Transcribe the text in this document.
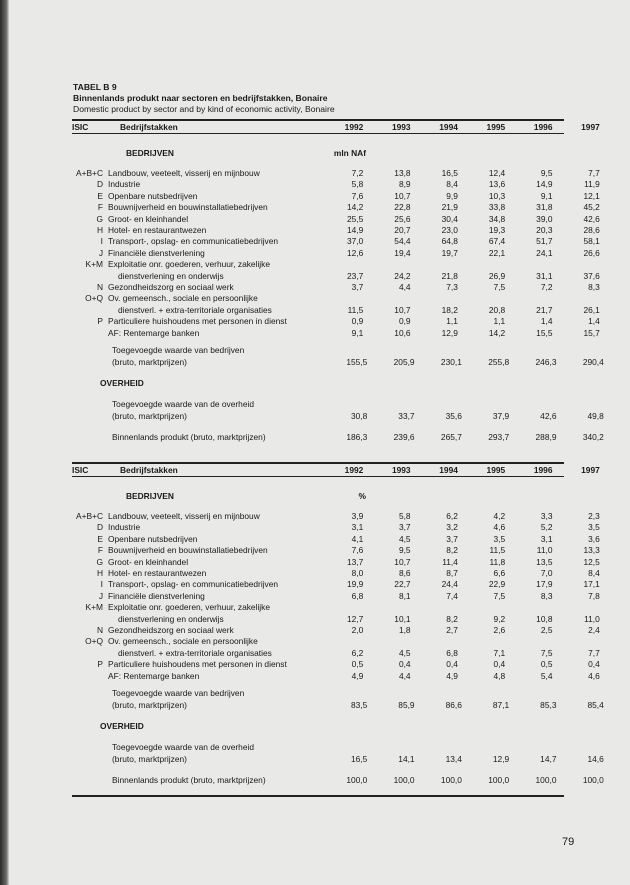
TABEL B 9
Binnenlands produkt naar sectoren en bedrijfstakken, Bonaire
Domestic product by sector and by kind of economic activity, Bonaire
ISIC	Bedrijfstakken	1992	1993	1994	1995	1996	1997
BEDRIJVEN	mln NAf
A+B+C Landbouw, veeteelt, visserij en mijnbouw	7,2	13,8	16,5	12,4	9,5	7,7
D Industrie	5,8	8,9	8,4	13,6	14,9	11,9
E Openbare nutsbedrijven	7,6	10,7	9,9	10,3	9,1	12,1
F Bouwnijverheid en bouwinstallatiebedrijven	14,2	22,8	21,9	33,8	31,8	45,2
G Groot- en kleinhandel	25,5	25,6	30,4	34,8	39,0	42,6
H Hotel- en restaurantwezen	14,9	20,7	23,0	19,3	20,3	28,6
I Transport-, opslag- en communicatiebedrijven	37,0	54,4	64,8	67,4	51,7	58,1
J Financiële dienstverlening	12,6	19,4	19,7	22,1	24,1	26,6
K+M Exploitatie onr. goederen, verhuur, zakelijke
dienstverlening en onderwijs	23,7	24,2	21,8	26,9	31,1	37,6
N Gezondheidszorg en sociaal werk	3,7	4,4	7,3	7,5	7,2	8,3
O+Q Ov. gemeensch., sociale en persoonlijke
dienstverl. + extra-territoriale organisaties	11,5	10,7	18,2	20,8	21,7	26,1
P Particuliere huishoudens met personen in dienst	0,9	0,9	1,1	1,1	1,4	1,4
AF: Rentemarge banken	9,1	10,6	12,9	14,2	15,5	15,7
Toegevoegde waarde van bedrijven
(bruto, marktprijzen)	155,5	205,9	230,1	255,8	246,3	290,4
OVERHEID
Toegevoegde waarde van de overheid
(bruto, marktprijzen)	30,8	33,7	35,6	37,9	42,6	49,8
Binnenlands produkt (bruto, marktprijzen)	186,3	239,6	265,7	293,7	288,9	340,2
ISIC	Bedrijfstakken	1992	1993	1994	1995	1996	1997
BEDRIJVEN	%
A+B+C Landbouw, veeteelt, visserij en mijnbouw	3,9	5,8	6,2	4,2	3,3	2,3
D Industrie	3,1	3,7	3,2	4,6	5,2	3,5
E Openbare nutsbedrijven	4,1	4,5	3,7	3,5	3,1	3,6
F Bouwnijverheid en bouwinstallatiebedrijven	7,6	9,5	8,2	11,5	11,0	13,3
G Groot- en kleinhandel	13,7	10,7	11,4	11,8	13,5	12,5
H Hotel- en restaurantwezen	8,0	8,6	8,7	6,6	7,0	8,4
I Transport-, opslag- en communicatiebedrijven	19,9	22,7	24,4	22,9	17,9	17,1
J Financiële dienstverlening	6,8	8,1	7,4	7,5	8,3	7,8
K+M Exploitatie onr. goederen, verhuur, zakelijke
dienstverlening en onderwijs	12,7	10,1	8,2	9,2	10,8	11,0
N Gezondheidszorg en sociaal werk	2,0	1,8	2,7	2,6	2,5	2,4
O+Q Ov. gemeensch., sociale en persoonlijke
dienstverl. + extra-territoriale organisaties	6,2	4,5	6,8	7,1	7,5	7,7
P Particuliere huishoudens met personen in dienst	0,5	0,4	0,4	0,4	0,5	0,4
AF: Rentemarge banken	4,9	4,4	4,9	4,8	5,4	4,6
Toegevoegde waarde van bedrijven
(bruto, marktprijzen)	83,5	85,9	86,6	87,1	85,3	85,4
OVERHEID
Toegevoegde waarde van de overheid
(bruto, marktprijzen)	16,5	14,1	13,4	12,9	14,7	14,6
Binnenlands produkt (bruto, marktprijzen)	100,0	100,0	100,0	100,0	100,0	100,0
79
